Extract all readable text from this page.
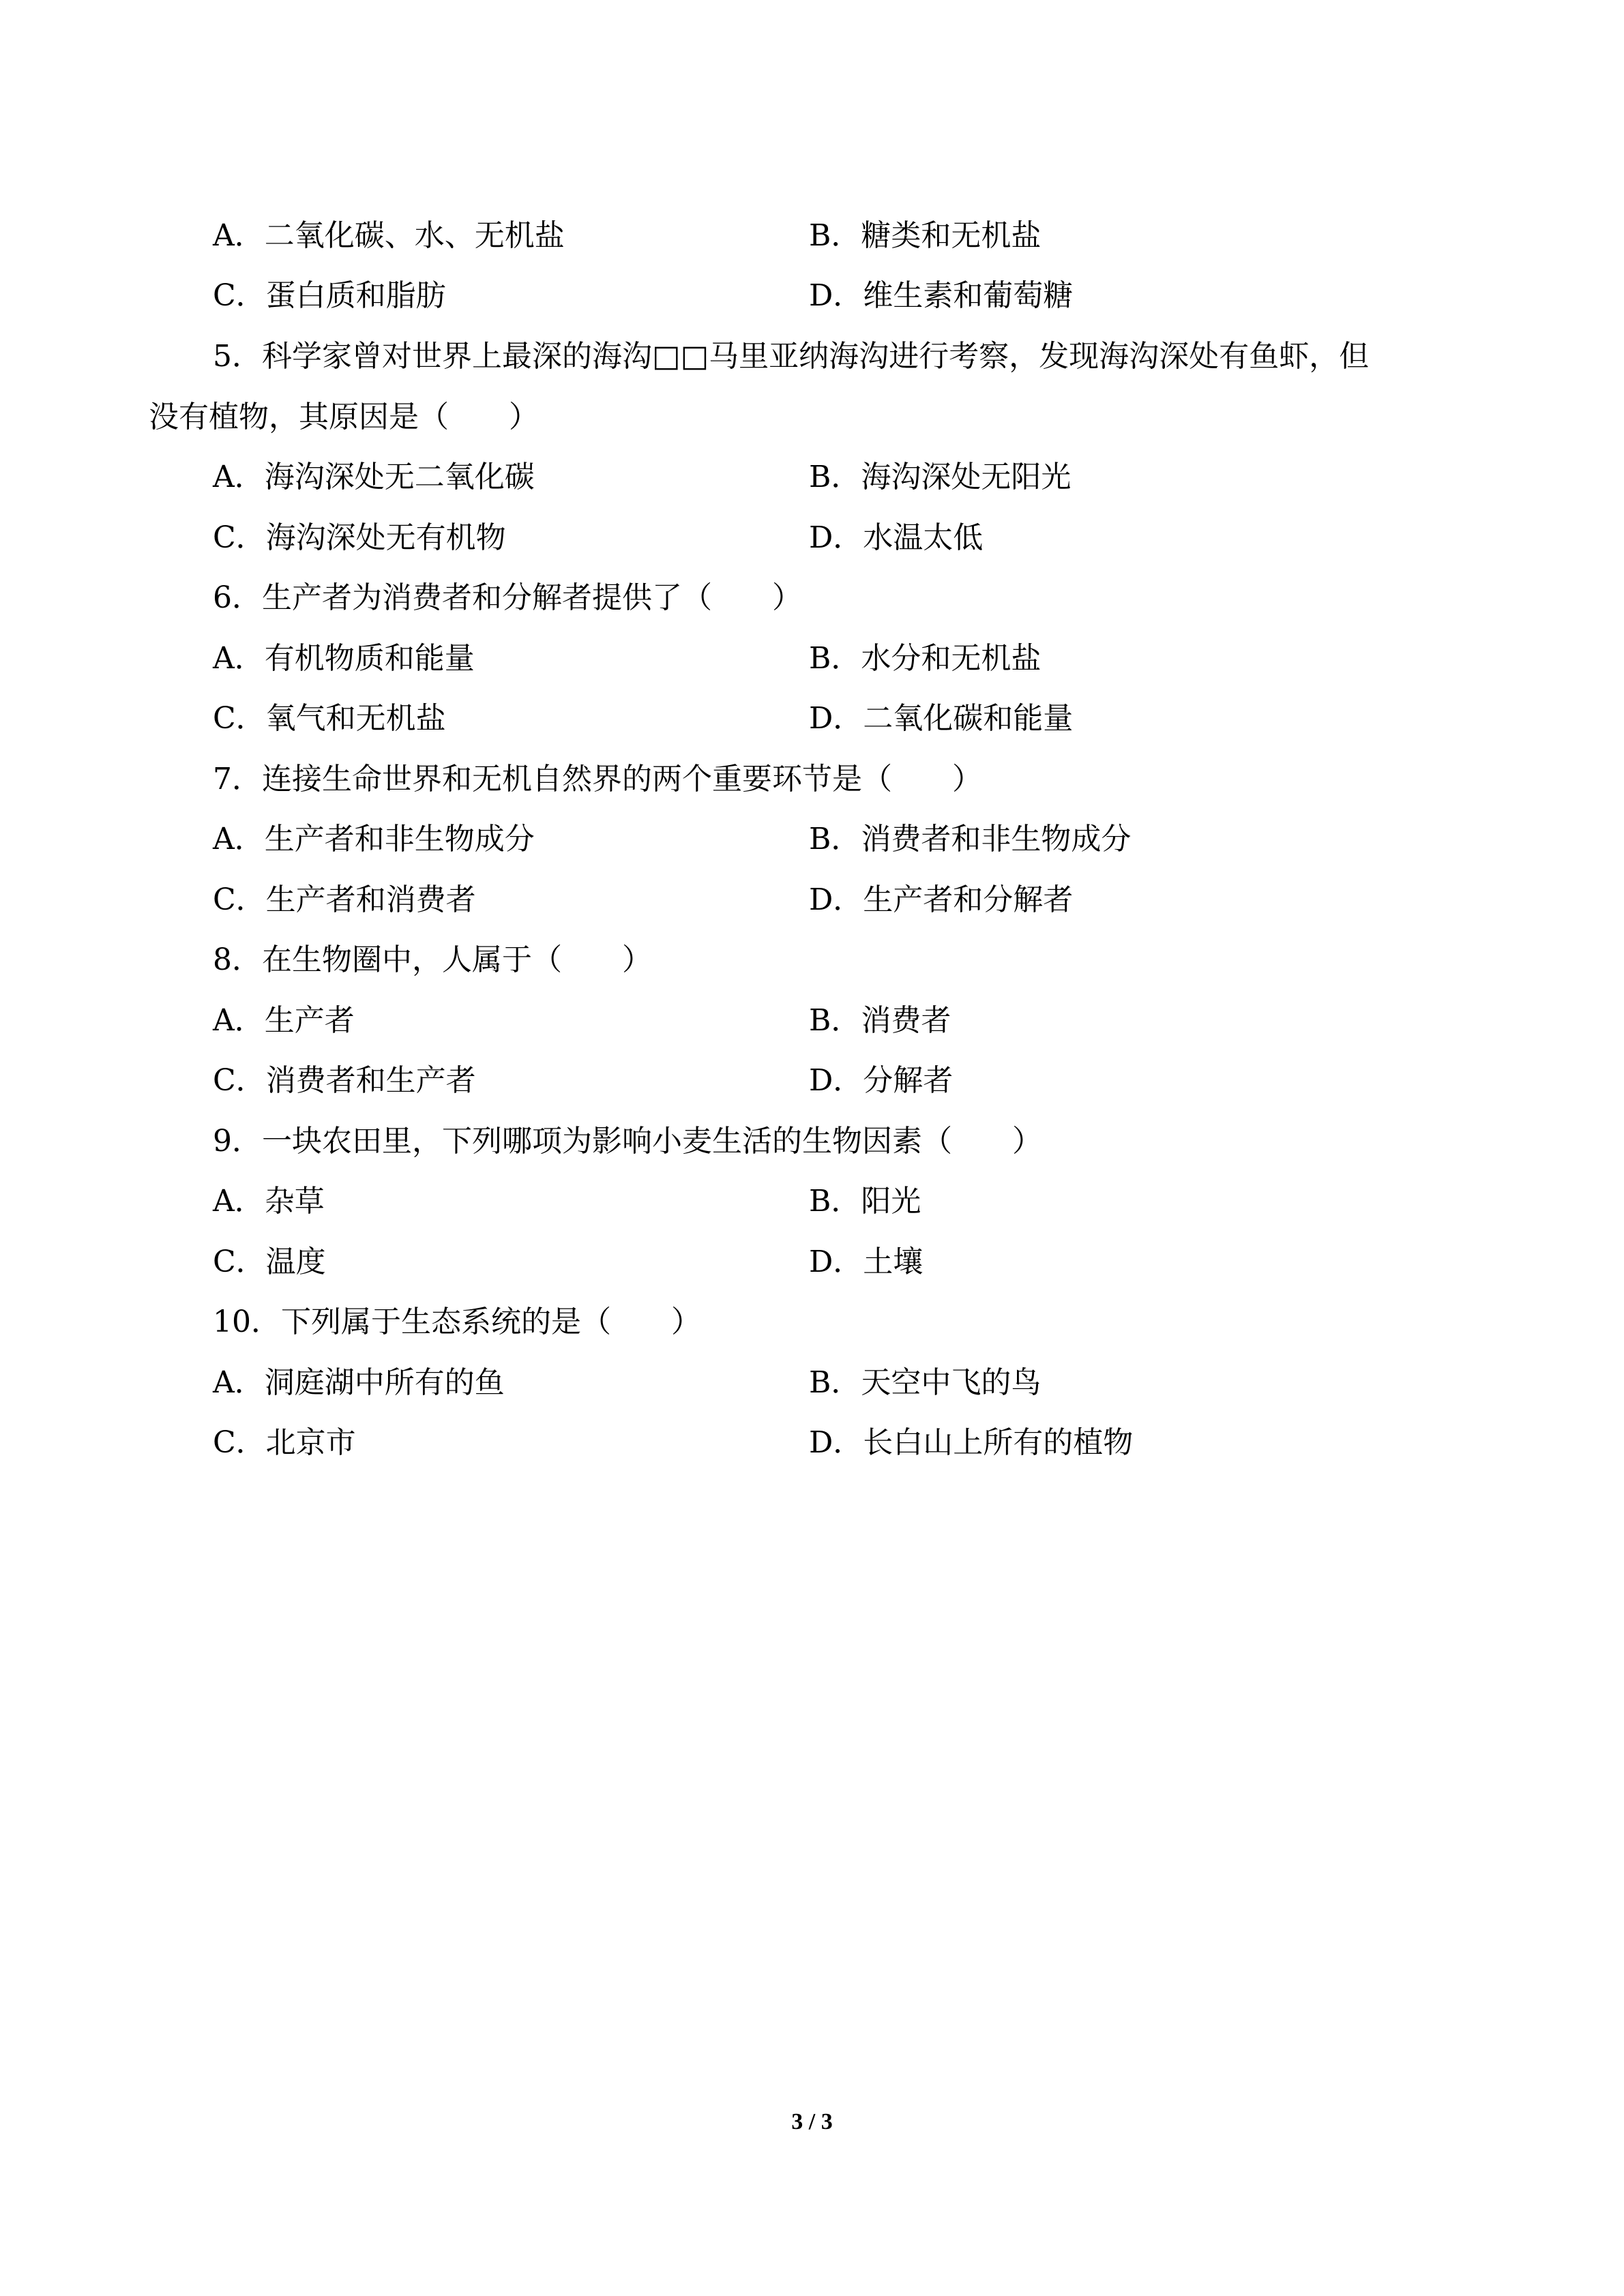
A．二氧化碳、水、无机盐	B．糖类和无机盐
C．蛋白质和脂肪	D．维生素和葡萄糖
5．科学家曾对世界上最深的海沟□□马里亚纳海沟进行考察，发现海沟深处有鱼虾，但
没有植物，其原因是（　　）
A．海沟深处无二氧化碳	B．海沟深处无阳光
C．海沟深处无有机物	D．水温太低
6．生产者为消费者和分解者提供了（　　）
A．有机物质和能量	B．水分和无机盐
C．氧气和无机盐	D．二氧化碳和能量
7．连接生命世界和无机自然界的两个重要环节是（　　）
A．生产者和非生物成分	B．消费者和非生物成分
C．生产者和消费者	D．生产者和分解者
8．在生物圈中，人属于（　　）
A．生产者	B．消费者
C．消费者和生产者	D．分解者
9．一块农田里，下列哪项为影响小麦生活的生物因素（　　）
A．杂草	B．阳光
C．温度	D．土壤
10．下列属于生态系统的是（　　）
A．洞庭湖中所有的鱼	B．天空中飞的鸟
C．北京市	D．长白山上所有的植物
3 / 3
